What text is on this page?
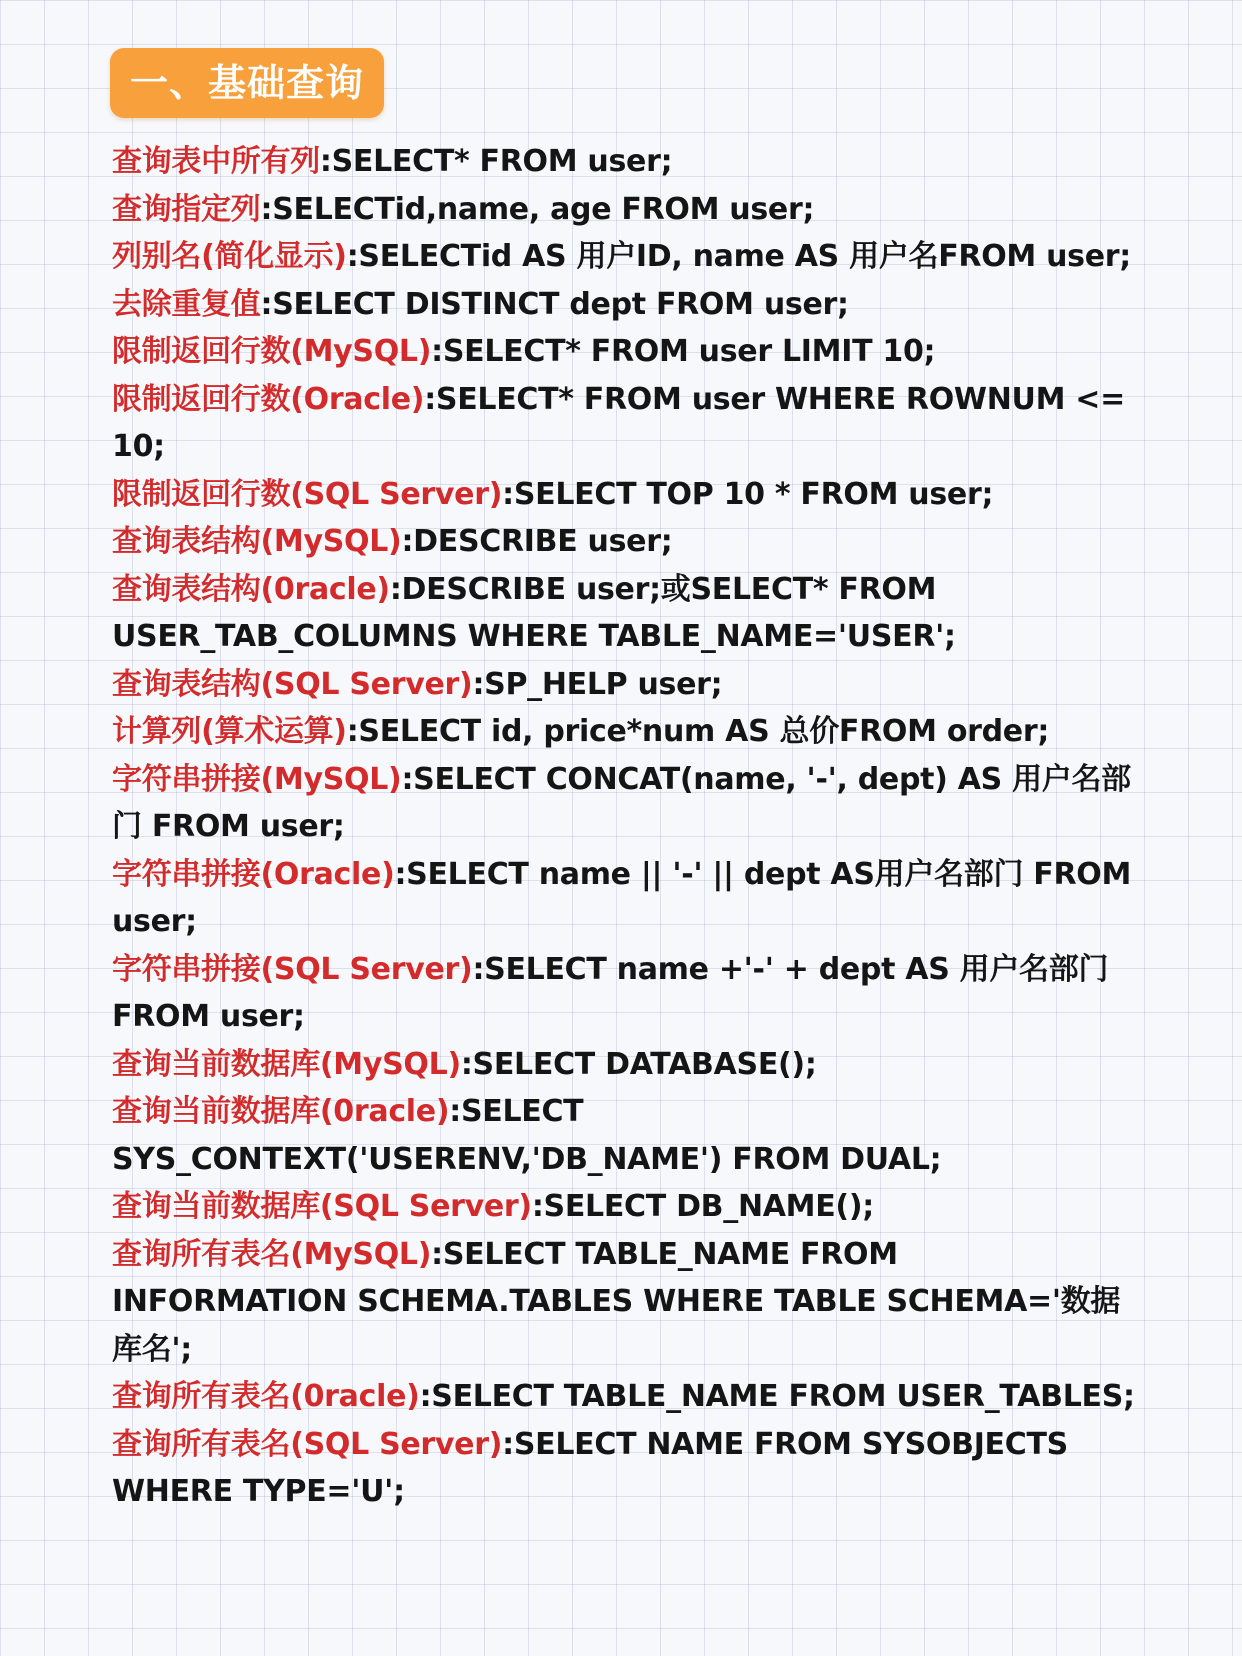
一、基础查询

查询表中所有列:SELECT* FROM user;

查询指定列:SELECTid,name, age FROM user;

列别名(简化显示):SELECTid AS 用户ID, name AS 用户名FROM user;

去除重复值:SELECT DISTINCT dept FROM user;

限制返回行数(MySQL):SELECT* FROM user LIMIT 10;

限制返回行数(Oracle):SELECT* FROM user WHERE ROWNUM <= 10;

限制返回行数(SQL Server):SELECT TOP 10 * FROM user;

查询表结构(MySQL):DESCRIBE user;

查询表结构(0racle):DESCRIBE user;或SELECT* FROM USER_TAB_COLUMNS WHERE TABLE_NAME='USER';

查询表结构(SQL Server):SP_HELP user;

计算列(算术运算):SELECT id, price*num AS 总价FROM order;

字符串拼接(MySQL):SELECT CONCAT(name, '-', dept) AS 用户名部门 FROM user;

字符串拼接(Oracle):SELECT name || '-' || dept AS用户名部门 FROM user;

字符串拼接(SQL Server):SELECT name +'-' + dept AS 用户名部门 FROM user;

查询当前数据库(MySQL):SELECT DATABASE();

查询当前数据库(0racle):SELECT SYS_CONTEXT('USERENV,'DB_NAME') FROM DUAL;

查询当前数据库(SQL Server):SELECT DB_NAME();

查询所有表名(MySQL):SELECT TABLE_NAME FROM INFORMATION SCHEMA.TABLES WHERE TABLE SCHEMA='数据库名';

查询所有表名(0racle):SELECT TABLE_NAME FROM USER_TABLES;

查询所有表名(SQL Server):SELECT NAME FROM SYSOBJECTS WHERE TYPE='U';
